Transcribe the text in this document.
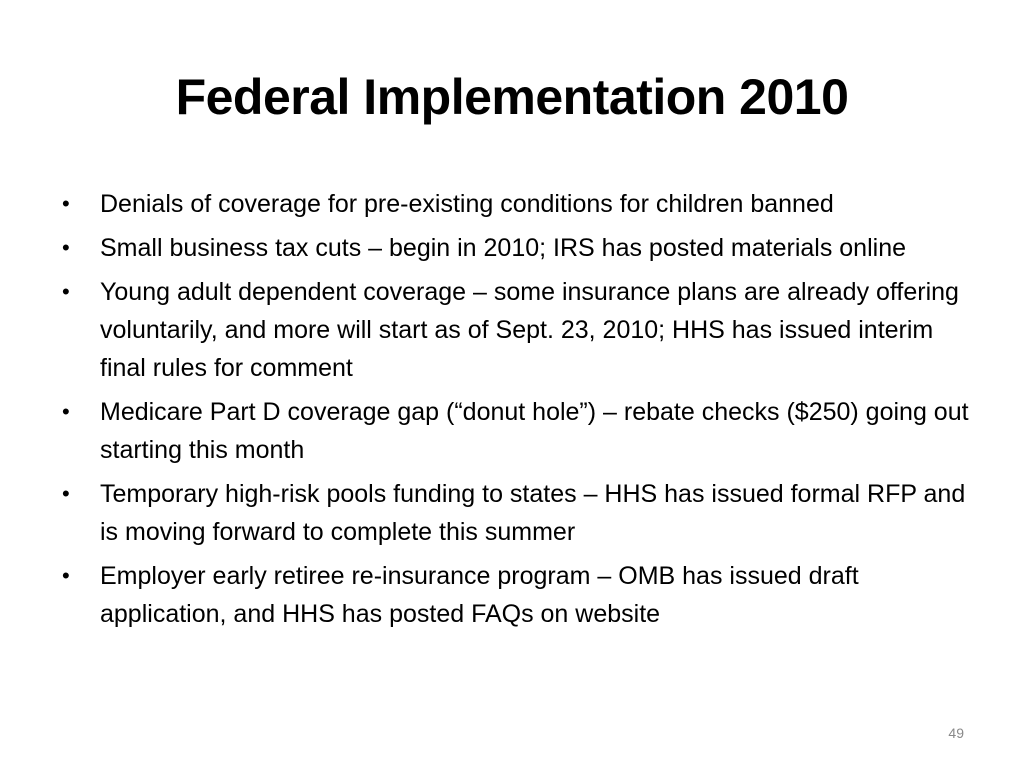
Federal Implementation 2010
•	Denials of coverage for pre-existing conditions for children banned
•	Small business tax cuts – begin in 2010; IRS has posted materials online
•	Young adult dependent coverage – some insurance plans are already offering voluntarily, and more will start as of Sept. 23, 2010; HHS has issued interim final rules for comment
•	Medicare Part D coverage gap (“donut hole”) – rebate checks ($250) going out starting this month
•	Temporary high-risk pools funding to states – HHS has issued formal RFP and is moving forward to complete this summer
•	Employer early retiree re-insurance program – OMB has issued draft application, and HHS has posted FAQs on website
49
